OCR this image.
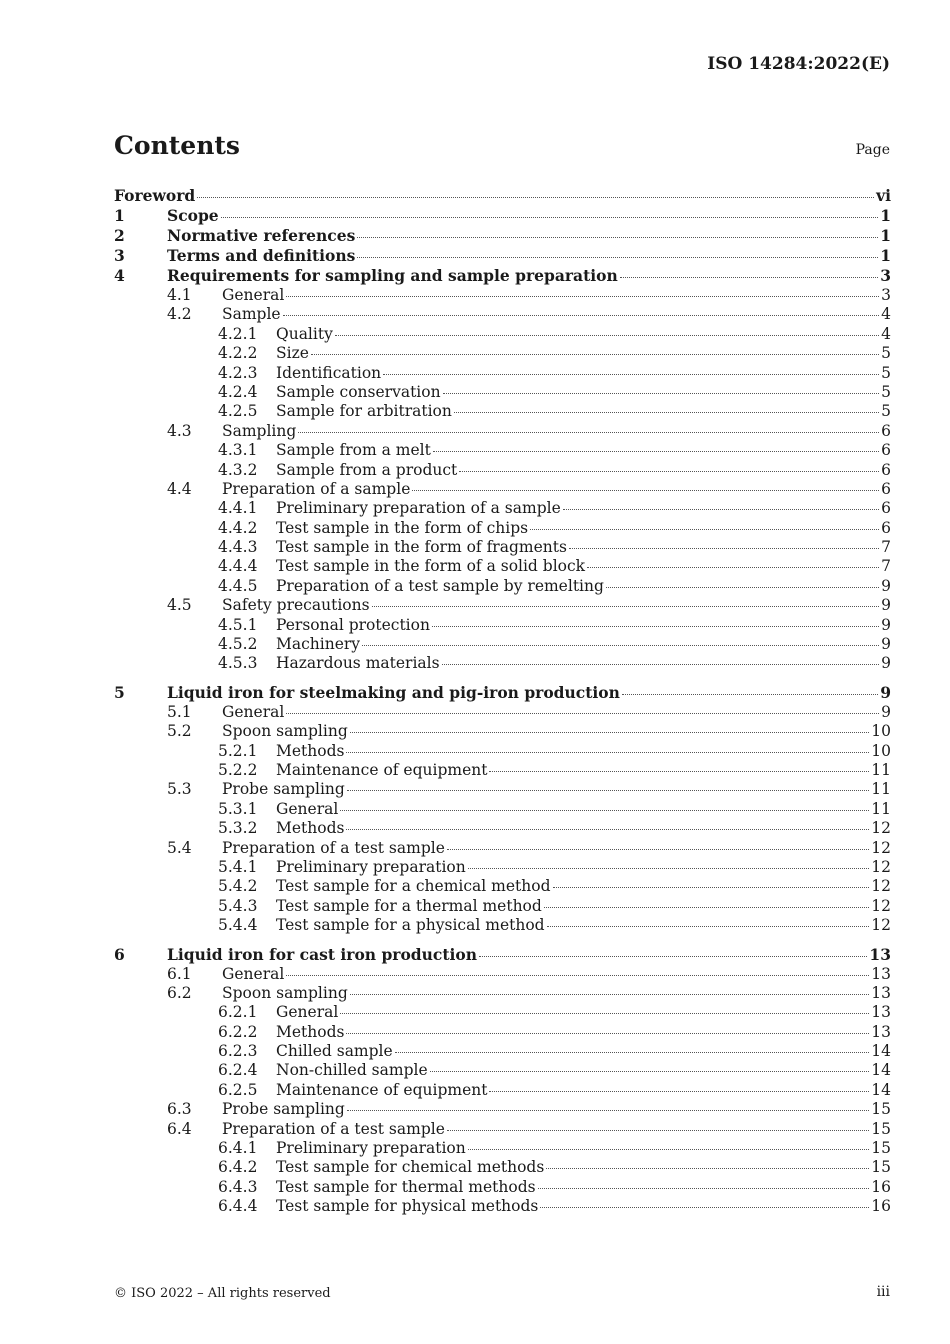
ISO 14284:2022(E)
Contents	Page
Foreword	vi
1	Scope	1
2	Normative references	1
3	Terms and definitions	1
4	Requirements for sampling and sample preparation	3
4.1	General	3
4.2	Sample	4
4.2.1	Quality	4
4.2.2	Size	5
4.2.3	Identification	5
4.2.4	Sample conservation	5
4.2.5	Sample for arbitration	5
4.3	Sampling	6
4.3.1	Sample from a melt	6
4.3.2	Sample from a product	6
4.4	Preparation of a sample	6
4.4.1	Preliminary preparation of a sample	6
4.4.2	Test sample in the form of chips	6
4.4.3	Test sample in the form of fragments	7
4.4.4	Test sample in the form of a solid block	7
4.4.5	Preparation of a test sample by remelting	9
4.5	Safety precautions	9
4.5.1	Personal protection	9
4.5.2	Machinery	9
4.5.3	Hazardous materials	9
5	Liquid iron for steelmaking and pig-iron production	9
5.1	General	9
5.2	Spoon sampling	10
5.2.1	Methods	10
5.2.2	Maintenance of equipment	11
5.3	Probe sampling	11
5.3.1	General	11
5.3.2	Methods	12
5.4	Preparation of a test sample	12
5.4.1	Preliminary preparation	12
5.4.2	Test sample for a chemical method	12
5.4.3	Test sample for a thermal method	12
5.4.4	Test sample for a physical method	12
6	Liquid iron for cast iron production	13
6.1	General	13
6.2	Spoon sampling	13
6.2.1	General	13
6.2.2	Methods	13
6.2.3	Chilled sample	14
6.2.4	Non-chilled sample	14
6.2.5	Maintenance of equipment	14
6.3	Probe sampling	15
6.4	Preparation of a test sample	15
6.4.1	Preliminary preparation	15
6.4.2	Test sample for chemical methods	15
6.4.3	Test sample for thermal methods	16
6.4.4	Test sample for physical methods	16
© ISO 2022 – All rights reserved	iii
